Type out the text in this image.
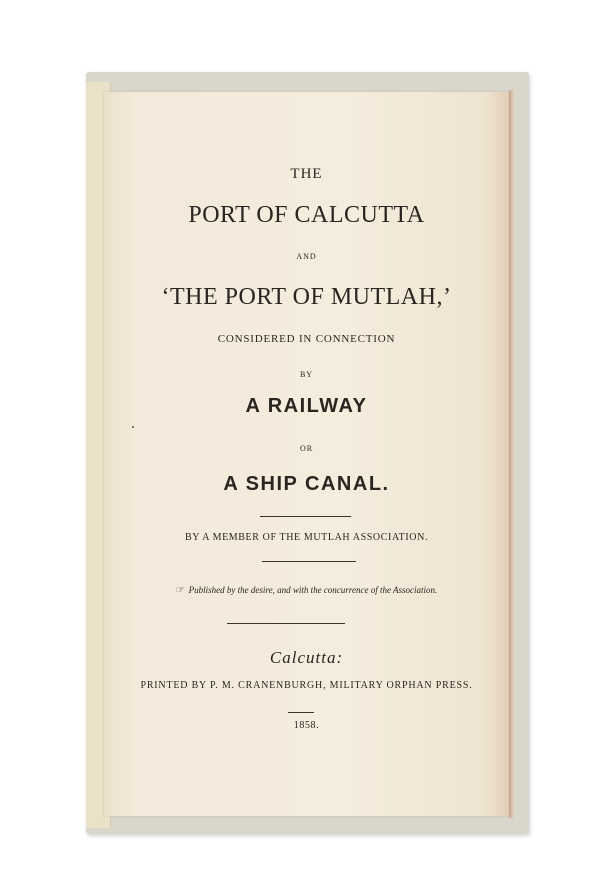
THE
PORT OF CALCUTTA
AND
‘THE PORT OF MUTLAH,’
CONSIDERED IN CONNECTION
BY
A RAILWAY
OR
A SHIP CANAL.
BY A MEMBER OF THE MUTLAH ASSOCIATION.
☞ Published by the desire, and with the concurrence of the Association.
Calcutta:
PRINTED BY P. M. CRANENBURGH, MILITARY ORPHAN PRESS.
1858.
